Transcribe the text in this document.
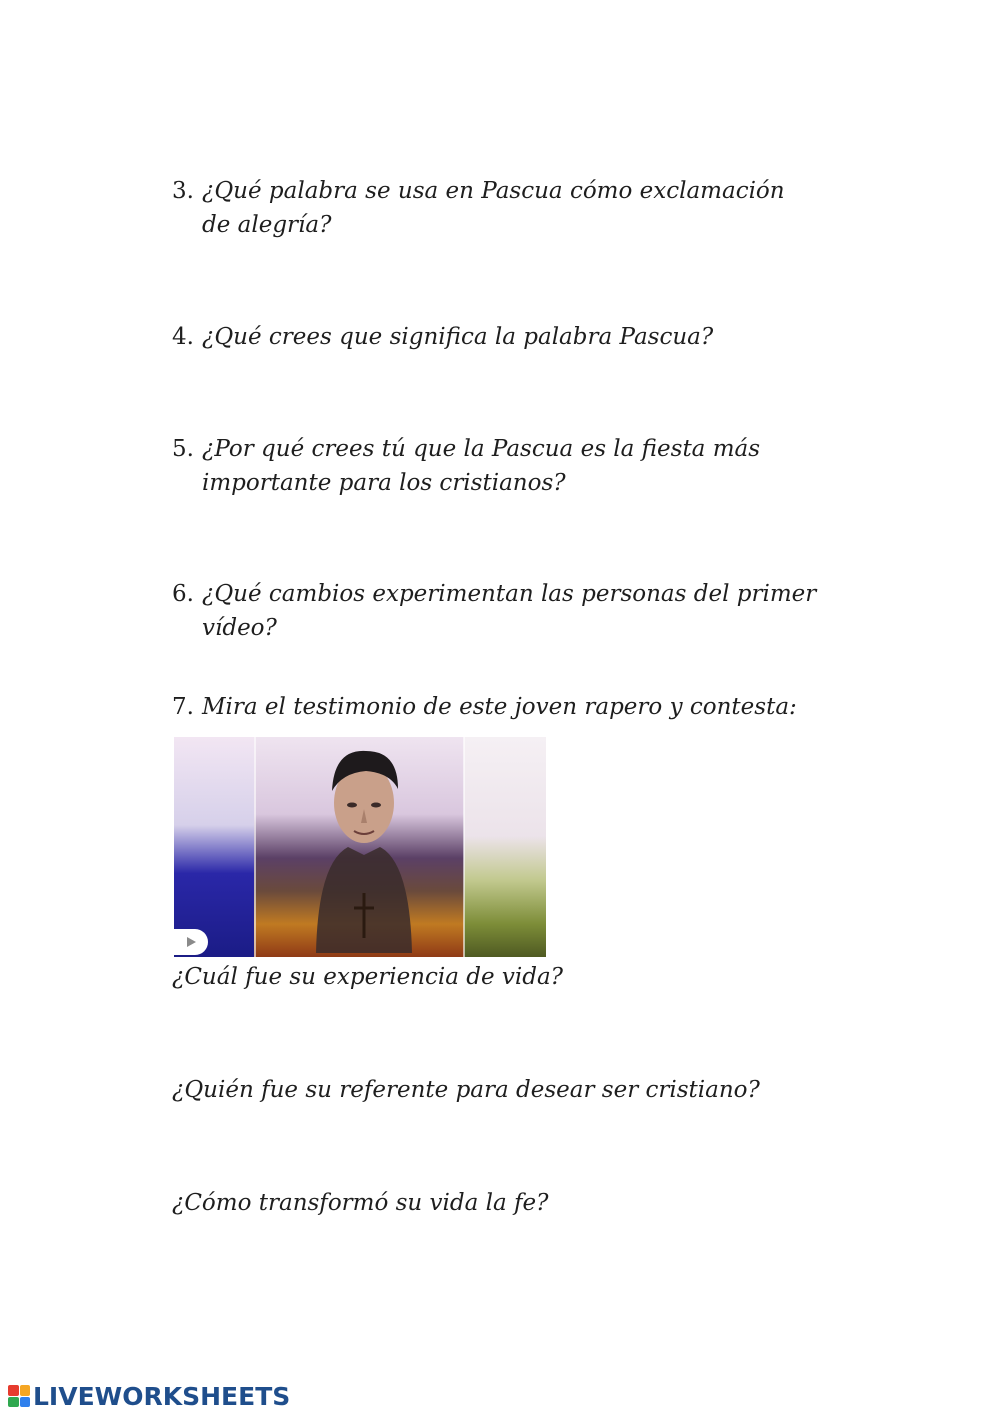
3. ¿Qué palabra se usa en Pascua cómo exclamación de alegría?

4. ¿Qué crees que significa la palabra Pascua?

5. ¿Por qué crees tú que la Pascua es la fiesta más importante para los cristianos?

6. ¿Qué cambios experimentan las personas del primer vídeo?

7. Mira el testimonio de este joven rapero y contesta:

¿Cuál fue su experiencia de vida?

¿Quién fue su referente para desear ser cristiano?

¿Cómo transformó su vida la fe?

LIVEWORKSHEETS
